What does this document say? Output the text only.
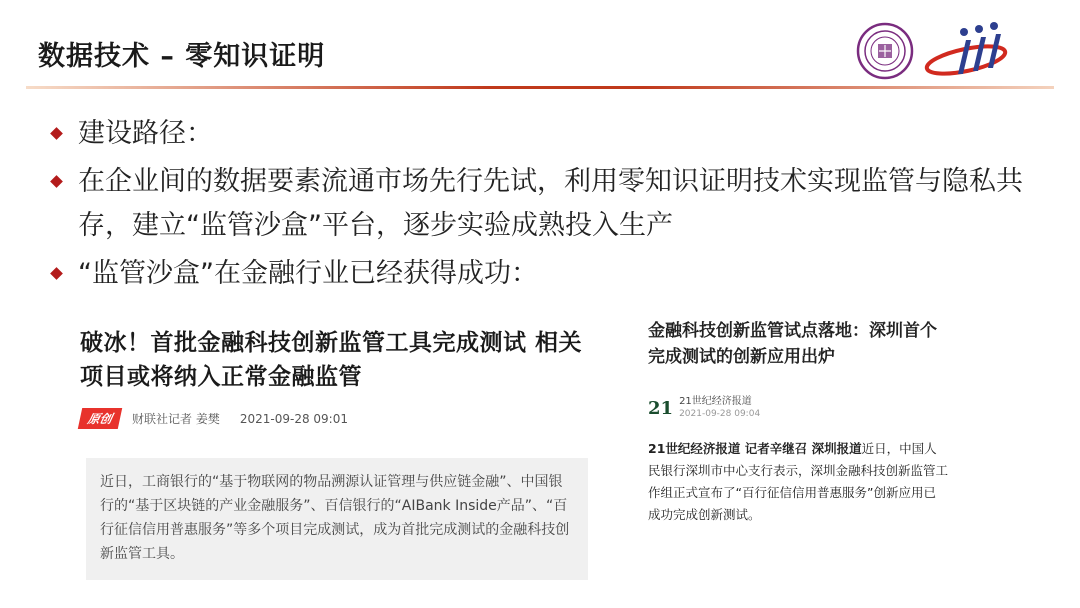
数据技术 – 零知识证明
建设路径：
在企业间的数据要素流通市场先行先试，利用零知识证明技术实现监管与隐私共存，建立“监管沙盒”平台，逐步实验成熟投入生产
“监管沙盒”在金融行业已经获得成功：
破冰！首批金融科技创新监管工具完成测试 相关项目或将纳入正常金融监管
原创	财联社记者 姜樊 2021-09-28 09:01
近日，工商银行的“基于物联网的物品溯源认证管理与供应链金融”、中国银行的“基于区块链的产业金融服务”、百信银行的“AIBank Inside产品”、“百行征信信用普惠服务”等多个项目完成测试，成为首批完成测试的金融科技创新监管工具。
金融科技创新监管试点落地：深圳首个完成测试的创新应用出炉
21 21世纪经济报道
2021-09-28 09:04
21世纪经济报道 记者辛继召 深圳报道近日，中国人民银行深圳市中心支行表示，深圳金融科技创新监管工作组正式宣布了“百行征信信用普惠服务”创新应用已成功完成创新测试。
